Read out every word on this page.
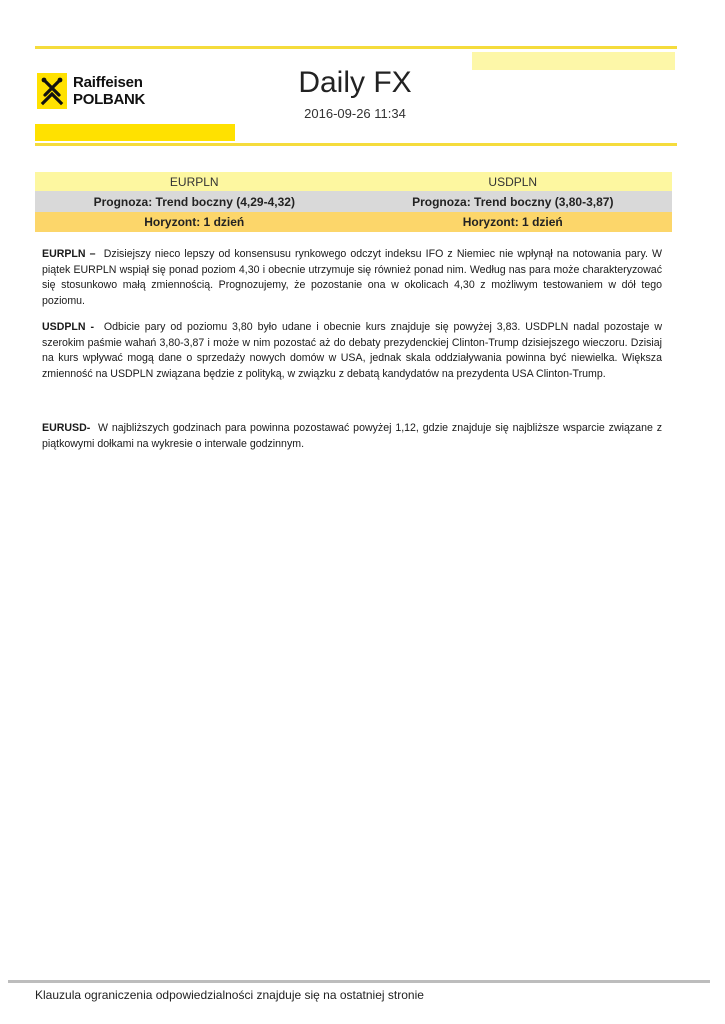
Raiffeisen
POLBANK
Daily FX
2016-09-26 11:34
EURPLN	USDPLN
Prognoza: Trend boczny (4,29-4,32)	Prognoza: Trend boczny (3,80-3,87)
Horyzont: 1 dzień	Horyzont: 1 dzień
EURPLN – Dzisiejszy nieco lepszy od konsensusu rynkowego odczyt indeksu IFO z Niemiec nie wpłynął na notowania pary. W piątek EURPLN wspiął się ponad poziom 4,30 i obecnie utrzymuje się również ponad nim. Według nas para może charakteryzować się stosunkowo małą zmiennością. Prognozujemy, że pozostanie ona w okolicach 4,30 z możliwym testowaniem w dół tego poziomu.
USDPLN - Odbicie pary od poziomu 3,80 było udane i obecnie kurs znajduje się powyżej 3,83. USDPLN nadal pozostaje w szerokim paśmie wahań 3,80-3,87 i może w nim pozostać aż do debaty prezydenckiej Clinton-Trump dzisiejszego wieczoru. Dzisiaj na kurs wpływać mogą dane o sprzedaży nowych domów w USA, jednak skala oddziaływania powinna być niewielka. Większa zmienność na USDPLN związana będzie z polityką, w związku z debatą kandydatów na prezydenta USA Clinton-Trump.
EURUSD- W najbliższych godzinach para powinna pozostawać powyżej 1,12, gdzie znajduje się najbliższe wsparcie związane z piątkowymi dołkami na wykresie o interwale godzinnym.
Klauzula ograniczenia odpowiedzialności znajduje się na ostatniej stronie
